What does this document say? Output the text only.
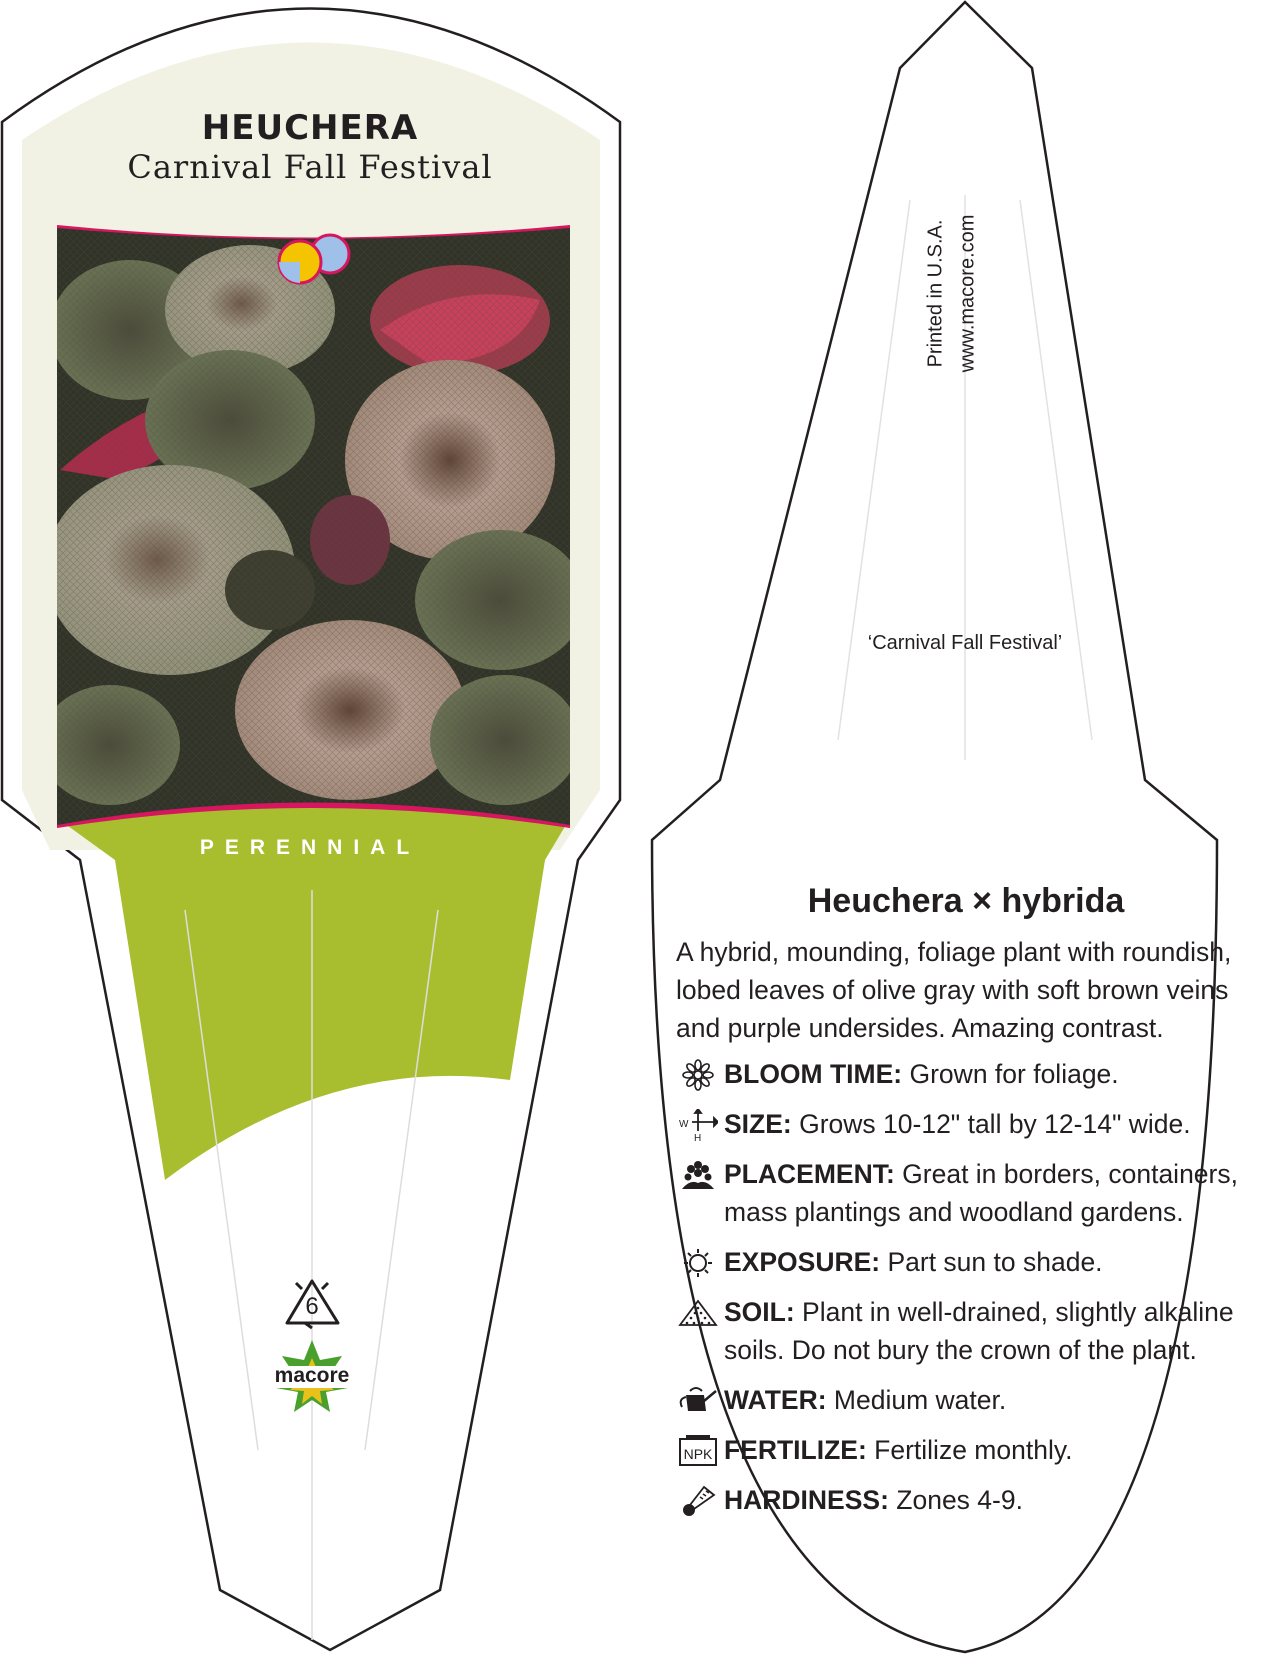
HEUCHERA
Carnival Fall Festival
PERENNIAL
6
macore
Printed in U.S.A. www.macore.com
‘Carnival Fall Festival’
Heuchera × hybrida

A hybrid, mounding, foliage plant with roundish, lobed leaves of olive gray with soft brown veins and purple undersides. Amazing contrast.

BLOOM TIME: Grown for foliage.
W
H SIZE: Grows 10-12" tall by 12-14" wide.
PLACEMENT: Great in borders, containers, mass plantings and woodland gardens.
EXPOSURE: Part sun to shade.
SOIL: Plant in well-drained, slightly alkaline soils. Do not bury the crown of the plant.
WATER: Medium water.
NPK FERTILIZE: Fertilize monthly.
HARDINESS: Zones 4-9.
